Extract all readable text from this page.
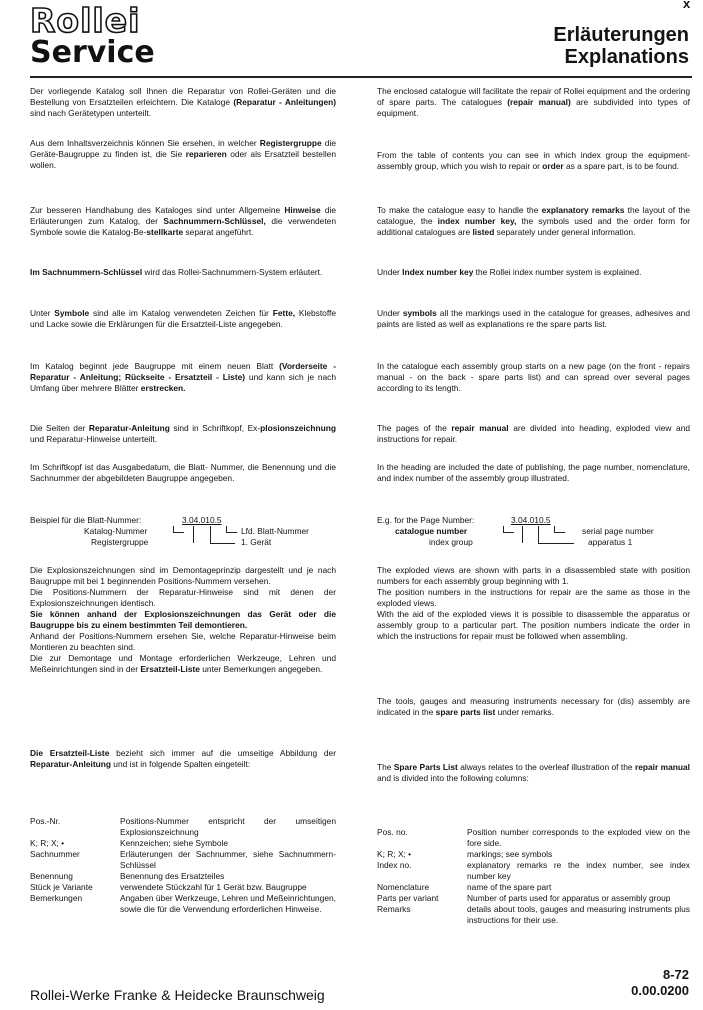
x
Rollei
Service	Erläuterungen
Explanations

Der vorliegende Katalog soll Ihnen die Reparatur von Rollei-Geräten und die Bestellung von Ersatzteilen erleichtern. Die Kataloge (Reparatur - Anleitungen) sind nach Gerätetypen unterteilt.

Aus dem Inhaltsverzeichnis können Sie ersehen, in welcher Registergruppe die Geräte-Baugruppe zu finden ist, die Sie reparieren oder als Ersatzteil bestellen wollen.

Zur besseren Handhabung des Kataloges sind unter Allgemeine Hinweise die Erläuterungen zum Katalog, der Sachnummern-Schlüssel, die verwendeten Symbole sowie die Katalog-Be-stellkarte separat angeführt.

Im Sachnummern-Schlüssel wird das Rollei-Sachnummern-System erläutert.

Unter Symbole sind alle im Katalog verwendeten Zeichen für Fette, Klebstoffe und Lacke sowie die Erklärungen für die Ersatzteil-Liste angegeben.

Im Katalog beginnt jede Baugruppe mit einem neuen Blatt (Vorderseite - Reparatur - Anleitung; Rückseite - Ersatzteil - Liste) und kann sich je nach Umfang über mehrere Blätter erstrecken.

Die Seiten der Reparatur-Anleitung sind in Schriftkopf, Ex-plosionszeichnung und Reparatur-Hinweise unterteilt.

Im Schriftkopf ist das Ausgabedatum, die Blatt- Nummer, die Benennung und die Sachnummer der abgebildeten Baugruppe angegeben.

Beispiel für die Blatt-Nummer:	3.04.010.5
Katalog-Nummer	Lfd. Blatt-Nummer
Registergruppe	1. Gerät

Die Explosionszeichnungen sind im Demontageprinzip dargestellt und je nach Baugruppe mit bei 1 beginnenden Positions-Nummern versehen.
Die Positions-Nummern der Reparatur-Hinweise sind mit denen der Explosionszeichnungen identisch.
Sie können anhand der Explosionszeichnungen das Gerät oder die Baugruppe bis zu einem bestimmten Teil demontieren.
Anhand der Positions-Nummern ersehen Sie, welche Reparatur-Hinweise beim Montieren zu beachten sind.
Die zur Demontage und Montage erforderlichen Werkzeuge, Lehren und Meßeinrichtungen sind in der Ersatzteil-Liste unter Bemerkungen angegeben.

Die Ersatzteil-Liste bezieht sich immer auf die umseitige Abbildung der Reparatur-Anleitung und ist in folgende Spalten eingeteilt:

Pos.-Nr.	Positions-Nummer entspricht der umseitigen Explosionszeichnung
K; R; X; •	Kennzeichen; siehe Symbole
Sachnummer	Erläuterungen der Sachnummer, siehe Sachnummern-Schlüssel
Benennung	Benennung des Ersatzteiles
Stück je Variante	verwendete Stückzahl für 1 Gerät bzw. Baugruppe
Bemerkungen	Angaben über Werkzeuge, Lehren und Meßeinrichtungen, sowie die für die Verwendung erforderlichen Hinweise.

The enclosed catalogue will facilitate the repair of Rollei equipment and the ordering of spare parts. The catalogues (repair manual) are subdivided into types of equipment.

From the table of contents you can see in which index group the equipment-assembly group, which you wish to repair or order as a spare part, is to be found.

To make the catalogue easy to handle the explanatory remarks the layout of the catalogue, the index number key, the symbols used and the order form for additional catalogues are listed separately under general information.

Under Index number key the Rollei index number system is explained.

Under symbols all the markings used in the catalogue for greases, adhesives and paints are listed as well as explanations re the spare parts list.

In the catalogue each assembly group starts on a new page (on the front - repairs manual - on the back - spare parts list) and can spread over several pages according to its length.

The pages of the repair manual are divided into heading, exploded view and instructions for repair.

In the heading are included the date of publishing, the page number, nomenclature, and index number of the assembly group illustrated.

E.g. for the Page Number:	3.04.010.5
catalogue number	serial page number
index group	apparatus 1

The exploded views are shown with parts in a disassembled state with position numbers for each assembly group beginning with 1.
The position numbers in the instructions for repair are the same as those in the exploded views.
With the aid of the exploded views it is possible to disassemble the apparatus or assembly group to a particular part. The position numbers indicate the order in which the instructions for repair must be followed when assembling.

The tools, gauges and measuring instruments necessary for (dis) assembly are indicated in the spare parts list under remarks.

The Spare Parts List always relates to the overleaf illustration of the repair manual and is divided into the following columns:

Pos. no.	Position number corresponds to the exploded view on the fore side.
K; R; X; •	markings; see symbols
Index no.	explanatory remarks re the index number, see index number key
Nomenclature	name of the spare part
Parts per variant	Number of parts used for apparatus or assembly group
Remarks	details about tools, gauges and measuring instruments plus instructions for their use.
8-72
0.00.0200
Rollei-Werke Franke & Heidecke Braunschweig
